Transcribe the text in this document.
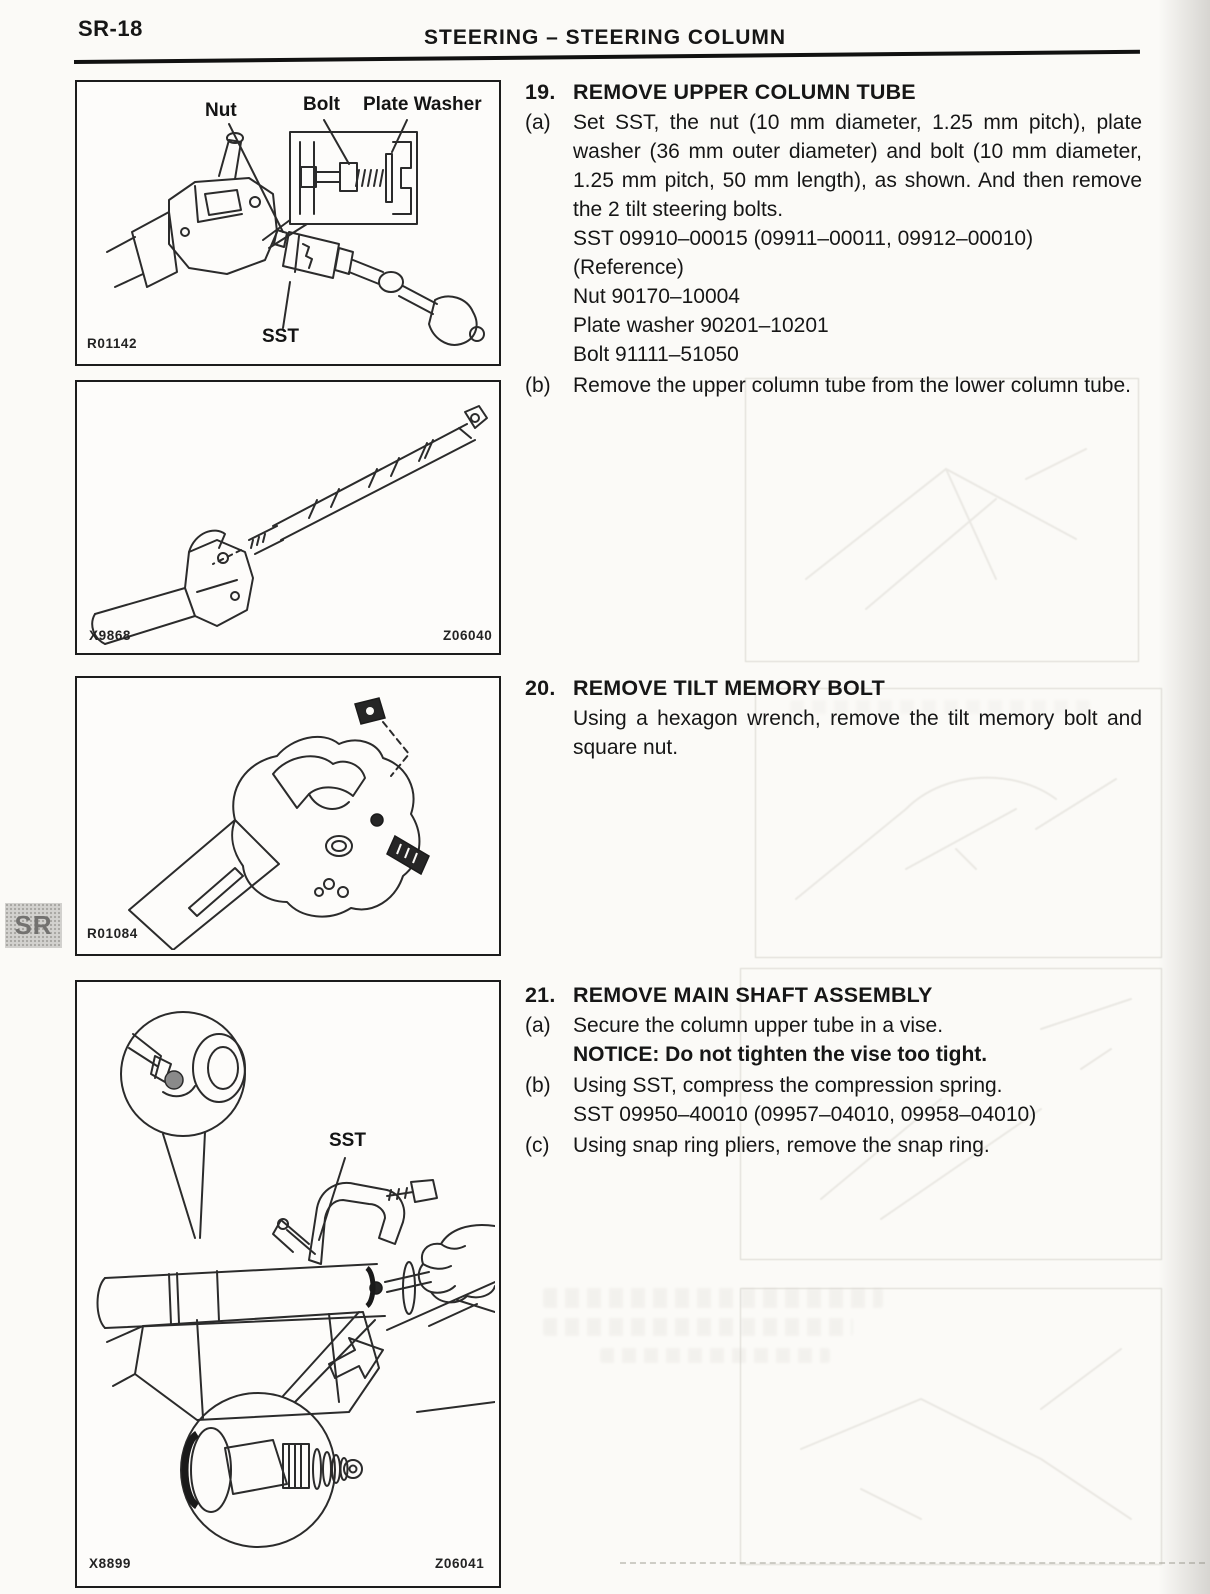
SR-18	STEERING – STEERING COLUMN
Nut	Bolt Plate Washer
SST
R01142
X9868	Z06040
R01084
SST
X8899	Z06041
19. REMOVE UPPER COLUMN TUBE
(a)	Set SST, the nut (10 mm diameter, 1.25 mm pitch), plate washer (36 mm outer diameter) and bolt (10 mm diameter, 1.25 mm pitch, 50 mm length), as shown. And then remove the 2 tilt steering bolts.

SST 09910–00015 (09911–00011, 09912–00010)

(Reference)

Nut 90170–10004

Plate washer 90201–10201

Bolt 91111–51050

(b)	Remove the upper column tube from the lower column tube.

20. REMOVE TILT MEMORY BOLT

Using a hexagon wrench, remove the tilt memory bolt and square nut.

21. REMOVE MAIN SHAFT ASSEMBLY
(a)	Secure the column upper tube in a vise.

NOTICE: Do not tighten the vise too tight.

(b)	Using SST, compress the compression spring.

SST 09950–40010 (09957–04010, 09958–04010)

(c)	Using snap ring pliers, remove the snap ring.

SR
